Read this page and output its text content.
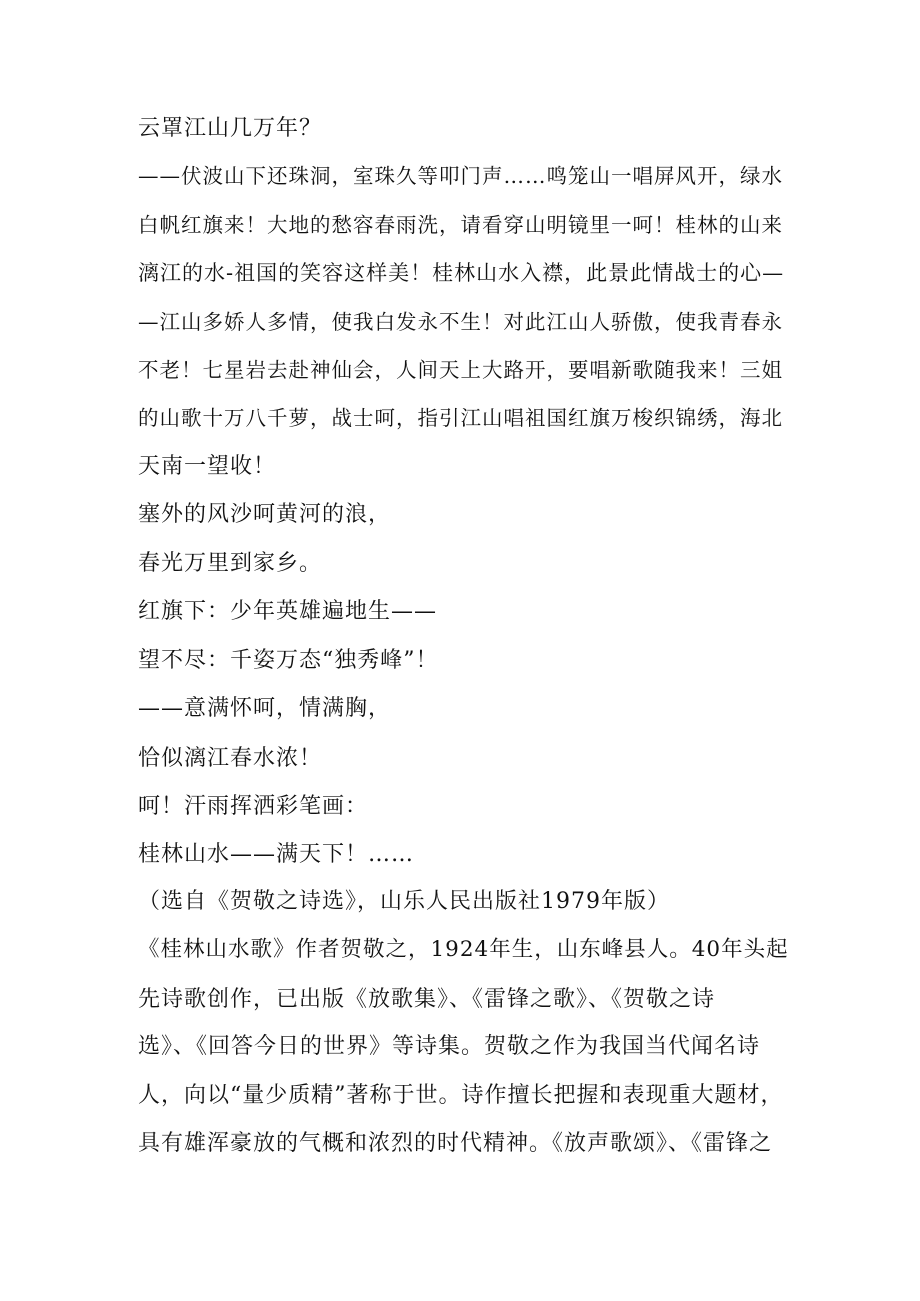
云罩江山几万年？
——伏波山下还珠洞，室珠久等叩门声……鸣笼山一唱屏风开，绿水
白帆红旗来！大地的愁容春雨洗，请看穿山明镜里一呵！桂林的山来
漓江的水-祖国的笑容这样美！桂林山水入襟，此景此情战士的心—
—江山多娇人多情，使我白发永不生！对此江山人骄傲，使我青春永
不老！七星岩去赴神仙会，人间天上大路开，要唱新歌随我来！三姐
的山歌十万八千萝，战士呵，指引江山唱祖国红旗万梭织锦绣，海北
天南一望收！
塞外的风沙呵黄河的浪，
春光万里到家乡。
红旗下：少年英雄遍地生——
望不尽：千姿万态“独秀峰”！
——意满怀呵，情满胸，
恰似漓江春水浓！
呵！汗雨挥洒彩笔画：
桂林山水——满天下！……
（选自《贺敬之诗选》，山乐人民出版社1979年版）
《桂林山水歌》作者贺敬之，1924年生，山东峰县人。40年头起
先诗歌创作，已出版《放歌集》、《雷锋之歌》、《贺敬之诗
选》、《回答今日的世界》等诗集。贺敬之作为我国当代闻名诗
人，向以“量少质精”著称于世。诗作擅长把握和表现重大题材，
具有雄浑豪放的气概和浓烈的时代精神。《放声歌颂》、《雷锋之
